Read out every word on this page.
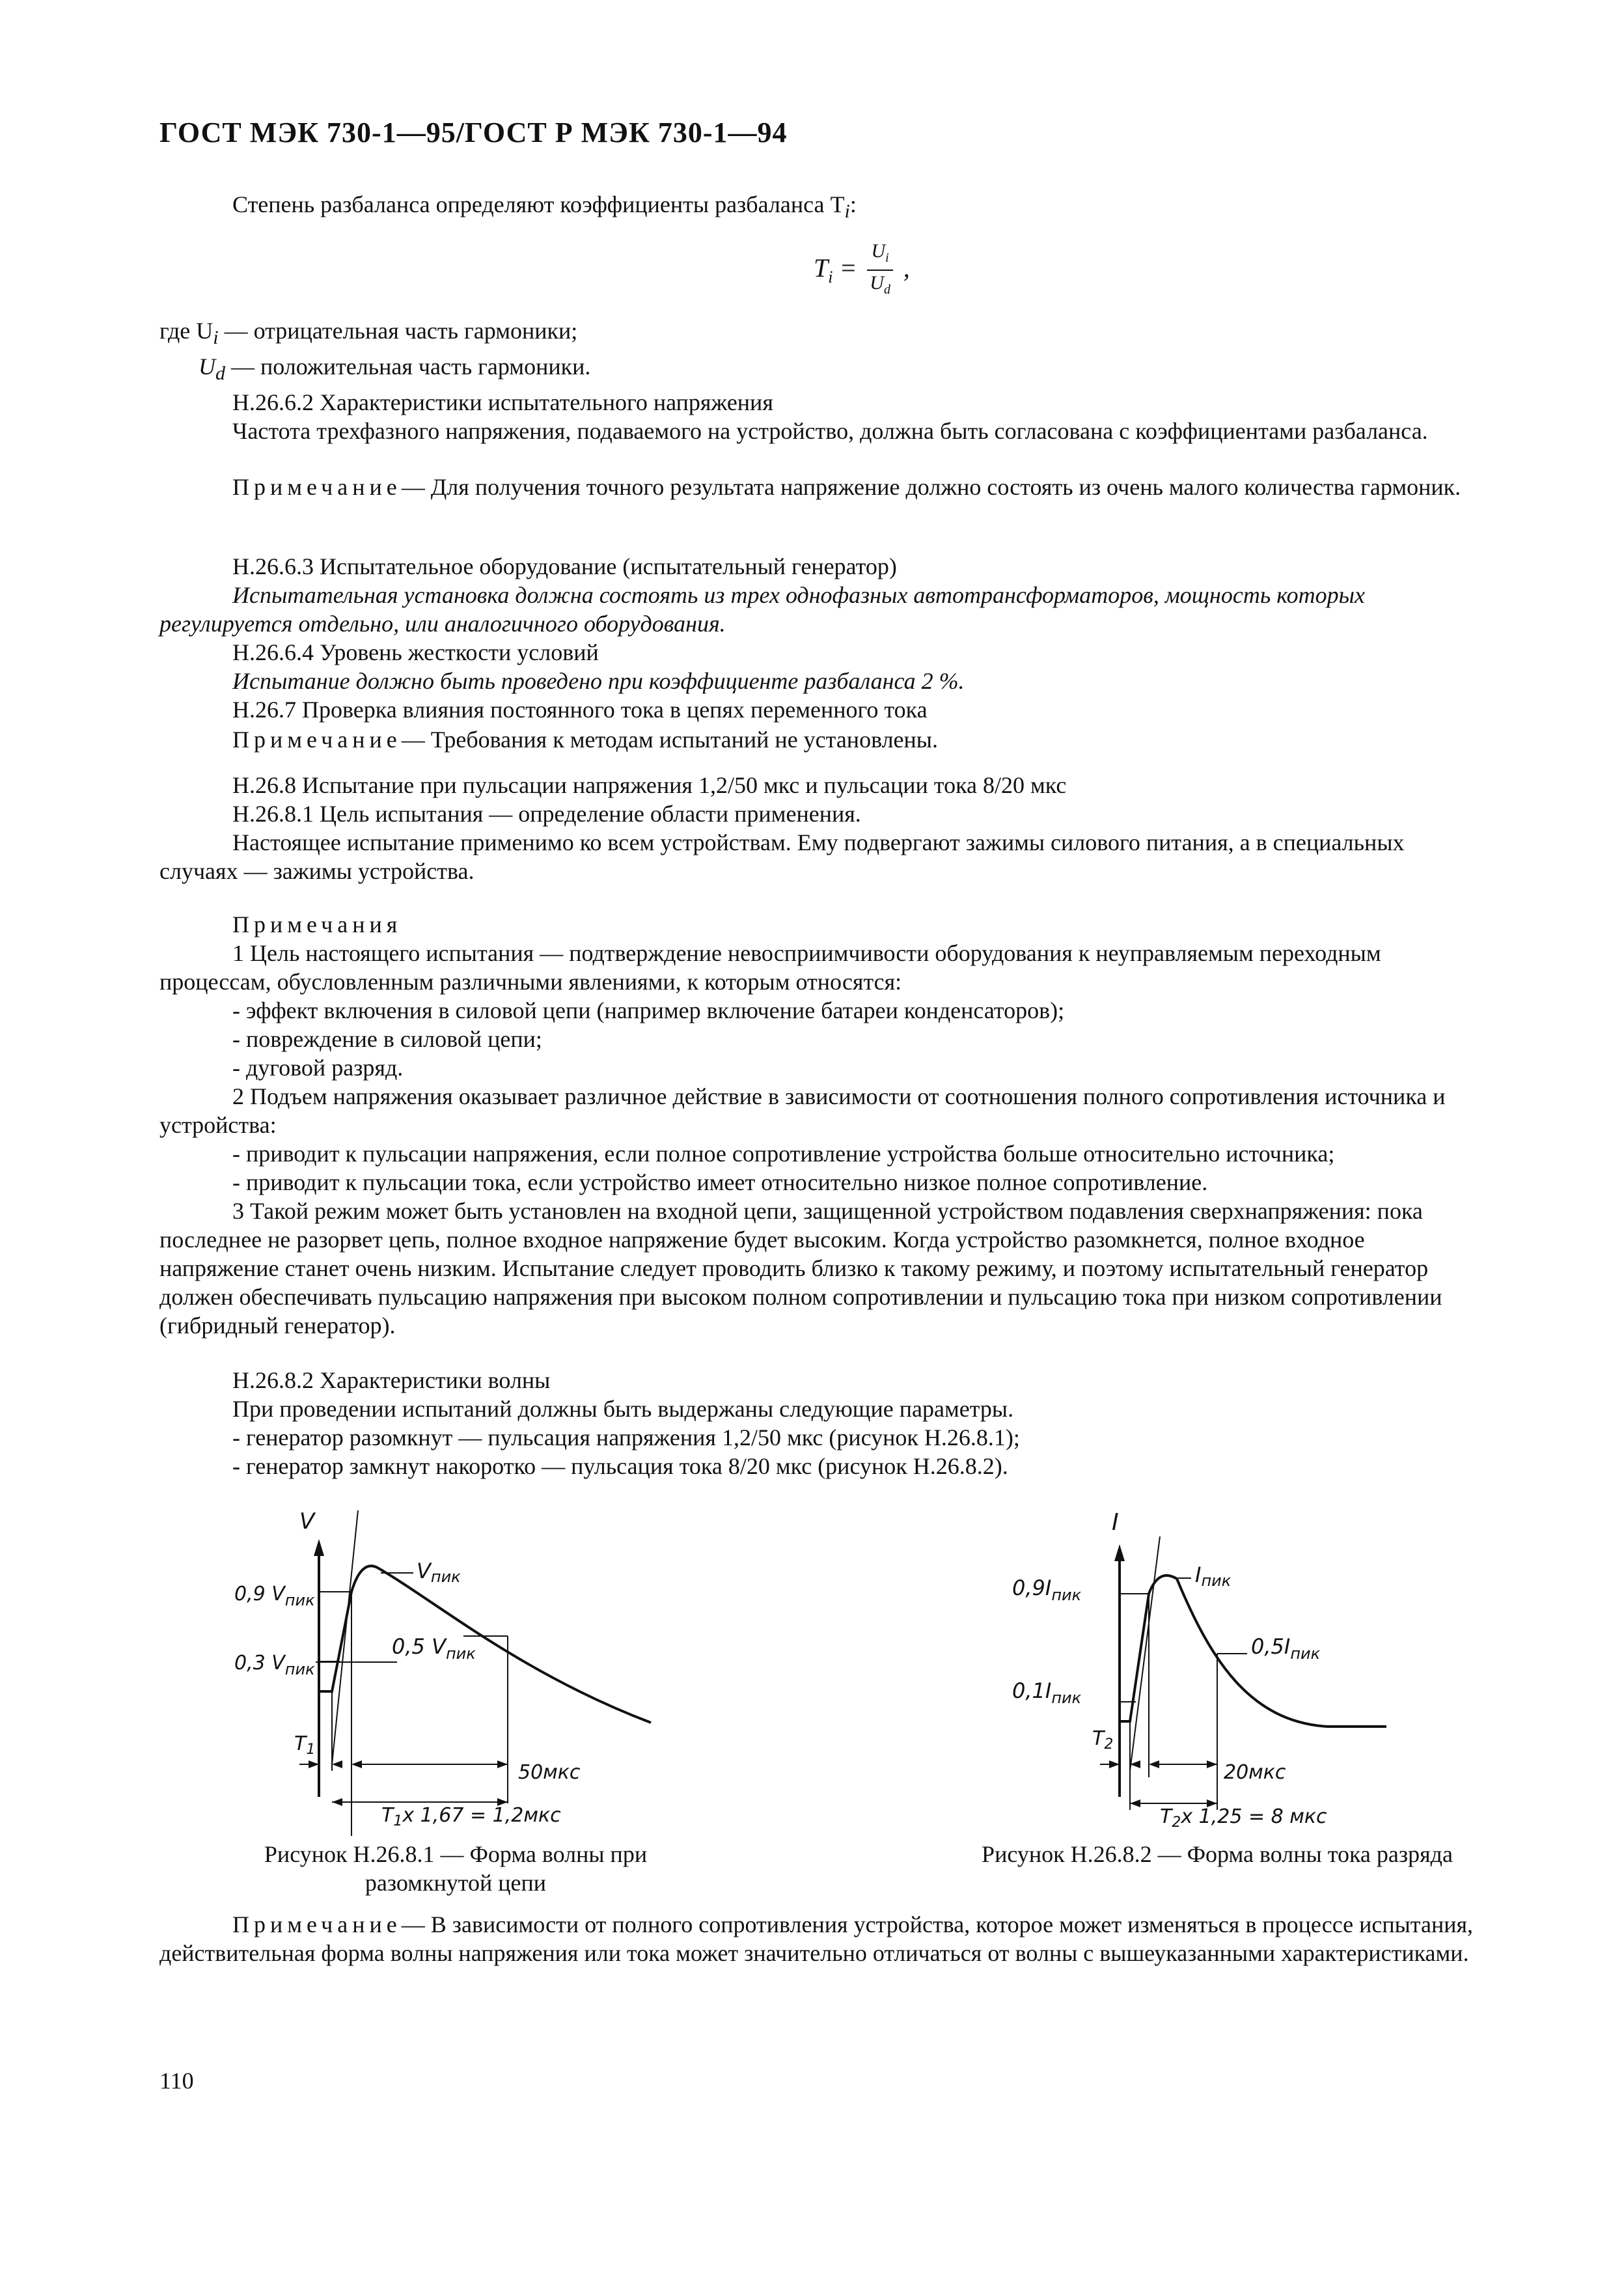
ГОСТ МЭК 730-1—95/ГОСТ Р МЭК 730-1—94

Степень разбаланса определяют коэффициенты разбаланса $T_i$:

$T_i = \frac{U_i}{U_d}$ ,

где $U_i$ — отрицательная часть гармоники;

$U_d$ — положительная часть гармоники.

Н.26.6.2 Характеристики испытательного напряжения

Частота трехфазного напряжения, подаваемого на устройство, должна быть согласована с коэффициентами разбаланса.

Примечание— Для получения точного результата напряжение должно состоять из очень малого количества гармоник.

Н.26.6.3 Испытательное оборудование (испытательный генератор)

Испытательная установка должна состоять из трех однофазных автотрансформаторов, мощность которых регулируется отдельно, или аналогичного оборудования.

Н.26.6.4 Уровень жесткости условий

Испытание должно быть проведено при коэффициенте разбаланса 2 %.

Н.26.7 Проверка влияния постоянного тока в цепях переменного тока

Примечание— Требования к методам испытаний не установлены.

Н.26.8 Испытание при пульсации напряжения 1,2/50 мкс и пульсации тока 8/20 мкс

Н.26.8.1 Цель испытания — определение области применения.

Настоящее испытание применимо ко всем устройствам. Ему подвергают зажимы силового питания, а в специальных случаях — зажимы устройства.

Примечания

1 Цель настоящего испытания — подтверждение невосприимчивости оборудования к неуправляемым переходным процессам, обусловленным различными явлениями, к которым относятся:

- эффект включения в силовой цепи (например включение батареи конденсаторов);

- повреждение в силовой цепи;

- дуговой разряд.

2 Подъем напряжения оказывает различное действие в зависимости от соотношения полного сопротивления источника и устройства:

- приводит к пульсации напряжения, если полное сопротивление устройства больше относительно источника;

- приводит к пульсации тока, если устройство имеет относительно низкое полное сопротивление.

3 Такой режим может быть установлен на входной цепи, защищенной устройством подавления сверхнапряжения: пока последнее не разорвет цепь, полное входное напряжение будет высоким. Когда устройство разомкнется, полное входное напряжение станет очень низким. Испытание следует проводить близко к такому режиму, и поэтому испытательный генератор должен обеспечивать пульсацию напряжения при высоком полном сопротивлении и пульсацию тока при низком сопротивлении (гибридный генератор).

Н.26.8.2 Характеристики волны

При проведении испытаний должны быть выдержаны следующие параметры.

- генератор разомкнут — пульсация напряжения 1,2/50 мкс (рисунок Н.26.8.1);

- генератор замкнут накоротко — пульсация тока 8/20 мкс (рисунок Н.26.8.2).

V
0,9 $V_{пик}$
0,3 $V_{пик}$
Vпик
0,5 $V_{пик}$
$T_1$
50мкс
$T_1x$ 1,67 = 1,2мкс
I
$0,9I_{пик}$
$0,1I_{пик}$
Iпик
$0,5I_{пик}$
$T_2$
20мкс
$T_2x$ 1,25 = 8 мкс
Рисунок Н.26.8.1 — Форма волны при разомкнутой цепи
Рисунок Н.26.8.2 — Форма волны тока разряда

Примечание— В зависимости от полного сопротивления устройства, которое может изменяться в процессе испытания, действительная форма волны напряжения или тока может значительно отличаться от волны с вышеуказанными характеристиками.

110
